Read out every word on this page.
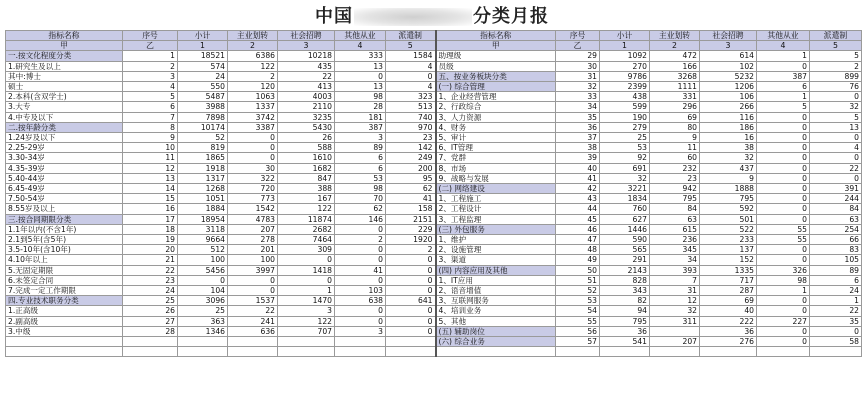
中国	分类月报
指标名称	序号	小计	主业划转	社会招聘	其他从业	派遣制	指标名称	序号	小计	主业划转	社会招聘	其他从业	派遣制
甲	乙	1	2	3	4	5	甲	乙	1	2	3	4	5
一.按文化程度分类	1	18521	6386	10218	333	1584	助理级	29	1092	472	614	1	5
1.研究生及以上	2	574	122	435	13	4	员级	30	270	166	102	0	2
其中:博士	3	24	2	22	0	0	五、按业务板块分类	31	9786	3268	5232	387	899
硕士	4	550	120	413	13	4	(一) 综合管理	32	2399	1111	1206	6	76
2.本科(含双学士)	5	5487	1063	4003	98	323	1、企业经营管理	33	438	331	106	1	0
3.大专	6	3988	1337	2110	28	513	2、行政综合	34	599	296	266	5	32
4.中专及以下	7	7898	3742	3235	181	740	3、人力资源	35	190	69	116	0	5
二.按年龄分类	8	10174	3387	5430	387	970	4、财务	36	279	80	186	0	13
1.24岁及以下	9	52	0	26	3	23	5、审计	37	25	9	16	0	0
2.25-29岁	10	819	0	588	89	142	6、IT管理	38	53	11	38	0	4
3.30-34岁	11	1865	0	1610	6	249	7、党群	39	92	60	32	0	0
4.35-39岁	12	1918	30	1682	6	200	8、市场	40	691	232	437	0	22
5.40-44岁	13	1317	322	847	53	95	9、战略与发展	41	32	23	9	0	0
6.45-49岁	14	1268	720	388	98	62	(二) 网络建设	42	3221	942	1888	0	391
7.50-54岁	15	1051	773	167	70	41	1、工程施工	43	1834	795	795	0	244
8.55岁及以上	16	1884	1542	122	62	158	2、工程设计	44	760	84	592	0	84
三.按合同期限分类	17	18954	4783	11874	146	2151	3、工程监理	45	627	63	501	0	63
1.1年以内(不含1年)	18	3118	207	2682	0	229	(三) 外包服务	46	1446	615	522	55	254
2.1到5年(含5年)	19	9664	278	7464	2	1920	1、维护	47	590	236	233	55	66
3.5-10年(含10年)	20	512	201	309	0	2	2、设施管理	48	565	345	137	0	83
4.10年以上	21	100	100	0	0	0	3、渠道	49	291	34	152	0	105
5.无固定期限	22	5456	3997	1418	41	0	(四) 内容应用及其他	50	2143	393	1335	326	89
6.未签定合同	23	0	0	0	0	0	1、IT应用	51	828	7	717	98	6
7.完成一定工作期限	24	104	0	1	103	0	2、语音增值	52	343	31	287	1	24
四.专业技术职务分类	25	3096	1537	1470	638	641	3、互联网服务	53	82	12	69	0	1
1.正高级	26	25	22	3	0	0	4、培训业务	54	94	32	40	0	22
2.副高级	27	363	241	122	0	0	5、其他	55	795	311	222	227	35
3.中级	28	1346	636	707	3	0	(五) 辅助岗位	56	36		36	0	0
							(六) 综合业务	57	541	207	276	0	58
